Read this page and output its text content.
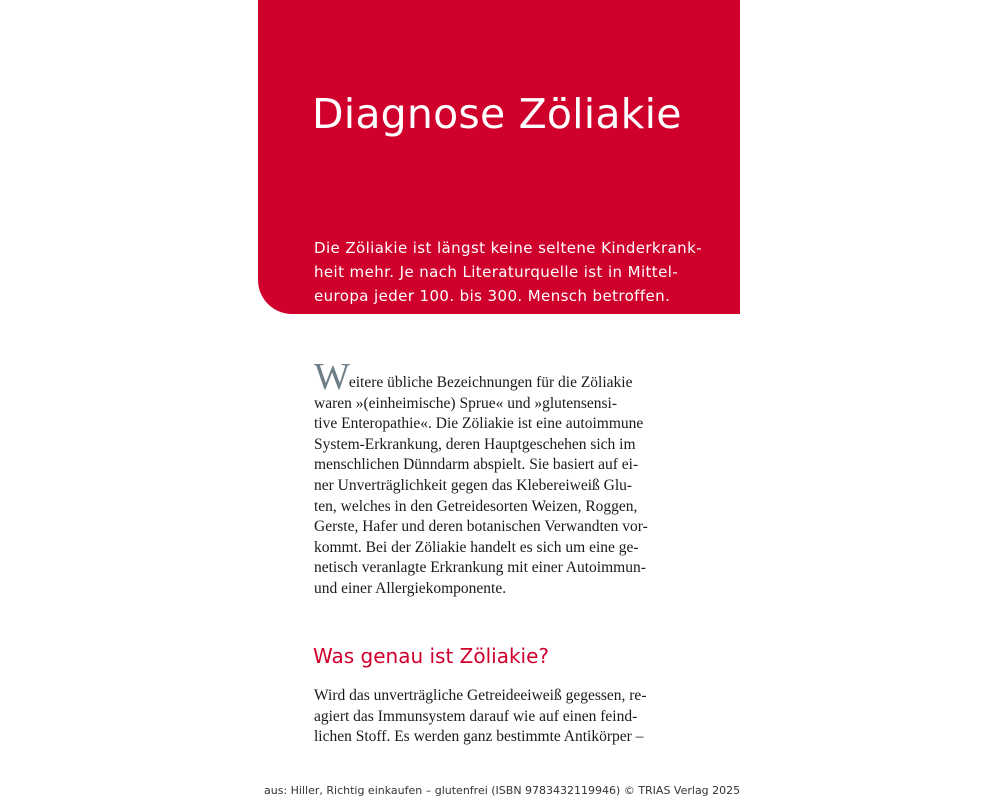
Diagnose Zöliakie

Die Zöliakie ist längst keine seltene Kinderkrank-
heit mehr. Je nach Literaturquelle ist in Mittel-
europa jeder 100. bis 300. Mensch betroffen.

Weitere übliche Bezeichnungen für die Zöliakie
waren »(einheimische) Sprue« und »glutensensi-
tive Enteropathie«. Die Zöliakie ist eine autoimmune
System-Erkrankung, deren Hauptgeschehen sich im
menschlichen Dünndarm abspielt. Sie basiert auf ei-
ner Unverträglichkeit gegen das Klebereiweiß Glu-
ten, welches in den Getreidesorten Weizen, Roggen,
Gerste, Hafer und deren botanischen Verwandten vor-
kommt. Bei der Zöliakie handelt es sich um eine ge-
netisch veranlagte Erkrankung mit einer Autoimmun-
und einer Allergiekomponente.

Was genau ist Zöliakie?

Wird das unverträgliche Getreideeiweiß gegessen, re-
agiert das Immunsystem darauf wie auf einen feind-
lichen Stoff. Es werden ganz bestimmte Antikörper –

aus: Hiller, Richtig einkaufen – glutenfrei (ISBN 9783432119946) © TRIAS Verlag 2025
